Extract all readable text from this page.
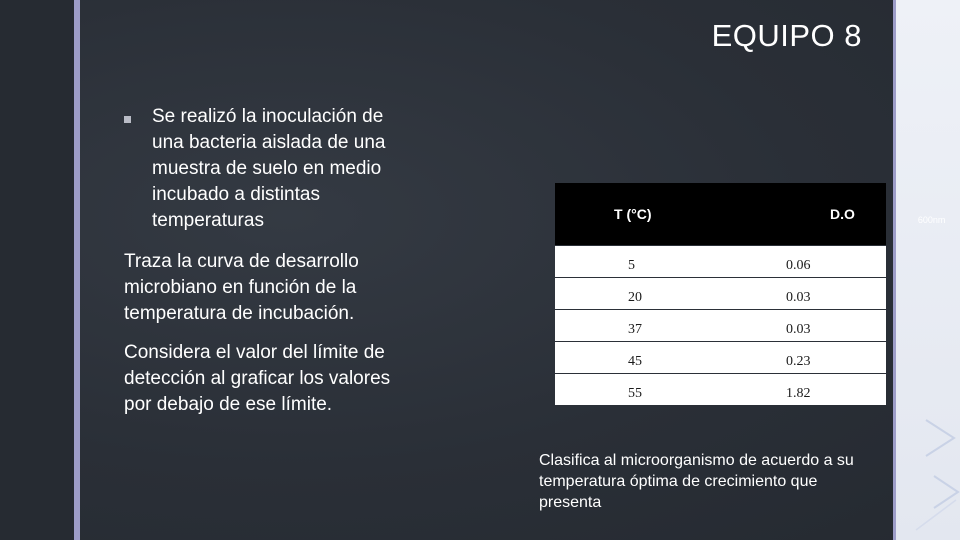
EQUIPO 8
Se realizó la inoculación de una bacteria aislada de una muestra de suelo en medio incubado a distintas temperaturas

Traza la curva de desarrollo microbiano en función de la temperatura de incubación.

Considera el valor del límite de detección al graficar los valores por debajo de ese límite.

T (°C)	D.O $_{600nm}$

5	0.06

20	0.03

37	0.03

45	0.23

55	1.82

Clasifica al microorganismo de acuerdo a su temperatura óptima de crecimiento que presenta
